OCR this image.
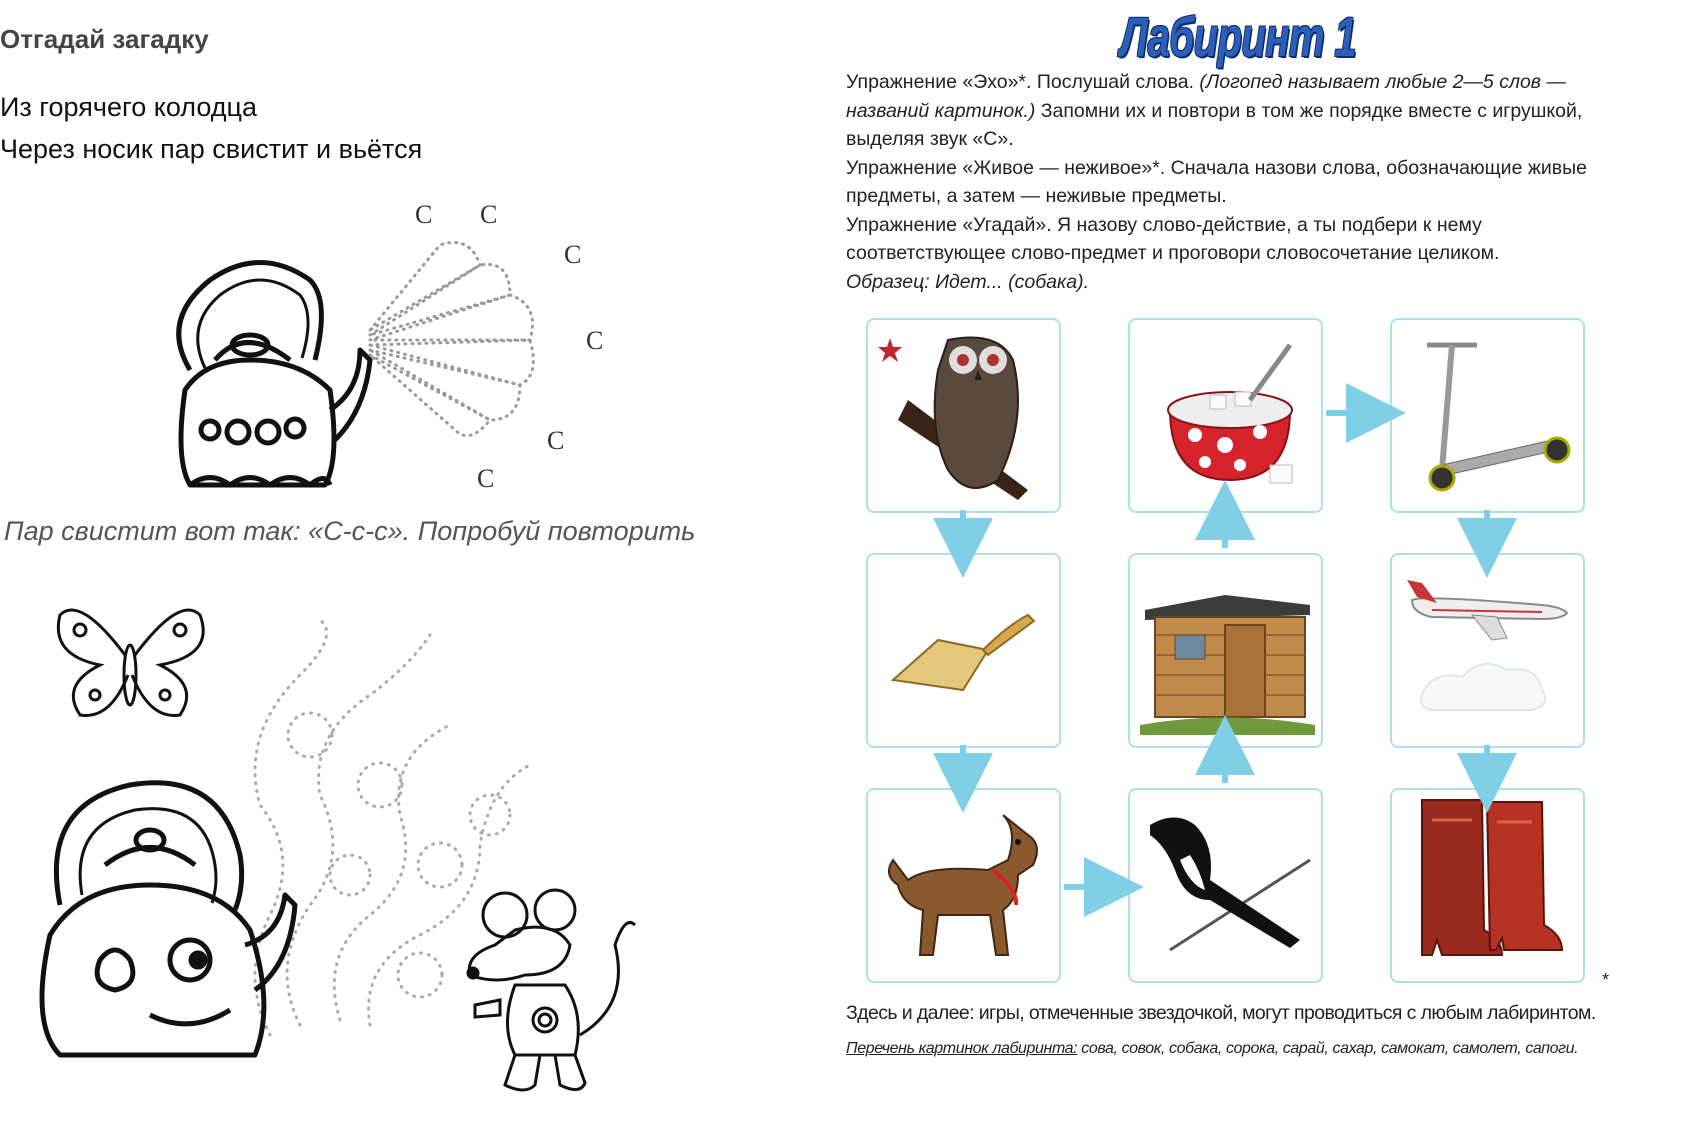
Отгадай загадку
Из горячего колодца
Через носик пар свистит и вьётся
С С
С
С
С
С
Пар свистит вот так: «С-с-с». Попробуй повторить
Лабиринт 1

Упражнение «Эхо»*. Послушай слова. (Логопед называет любые 2—5 слов — названий картинок.) Запомни их и повтори в том же порядке вместе с игрушкой, выделяя звук «С».

Упражнение «Живое — неживое»*. Сначала назови слова, обозначающие живые предметы, а затем — неживые предметы.

Упражнение «Угадай». Я назову слово-действие, а ты подбери к нему соответствующее слово-предмет и проговори словосочетание целиком.

Образец: Идет... (собака).

*
Здесь и далее: игры, отмеченные звездочкой, могут проводиться с любым лабиринтом.
Перечень картинок лабиринта: сова, совок, собака, сорока, сарай, сахар, самокат, самолет, сапоги.
